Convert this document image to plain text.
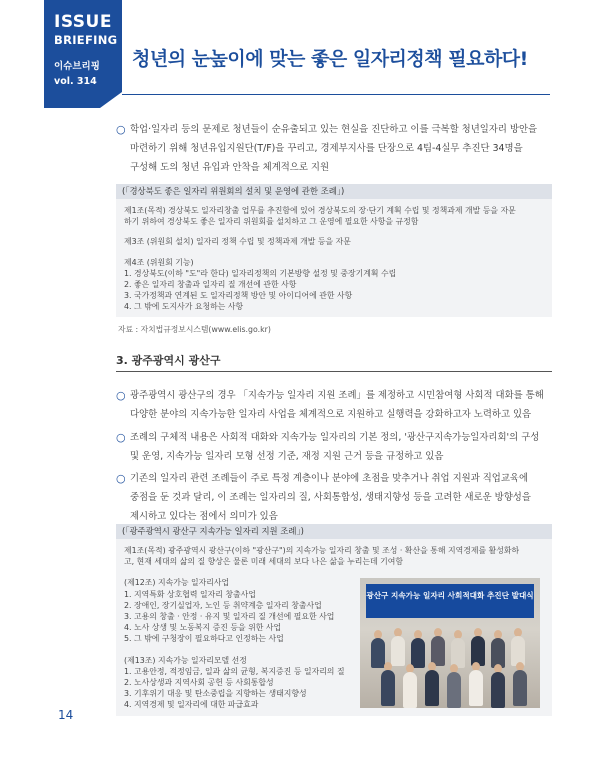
ISSUE
BRIEFING
이슈브리핑
vol. 314
청년의 눈높이에 맞는 좋은 일자리정책 필요하다!
○ 학업·일자리 등의 문제로 청년들이 순유출되고 있는 현실을 진단하고 이를 극복할 청년일자리 방안을
마련하기 위해 청년유입지원단(T/F)을 꾸리고, 경제부지사를 단장으로 4팀-4실무 추진단 34명을
구성해 도의 청년 유입과 안착을 체계적으로 지원
(「경상북도 좋은 일자리 위원회의 설치 및 운영에 관한 조례」)
제1조(목적) 경상북도 일자리창출 업무를 추진함에 있어 경상북도의 장·단기 계획 수립 및 정책과제 개발 등을 자문
하기 위하여 경상북도 좋은 일자리 위원회를 설치하고 그 운영에 필요한 사항을 규정함
제3조 (위원회 설치) 일자리 정책 수립 및 정책과제 개발 등을 자문
제4조 (위원회 기능)
1. 경상북도(이하 "도"라 한다) 일자리정책의 기본방향 설정 및 중장기계획 수립
2. 좋은 일자리 창출과 일자리 질 개선에 관한 사항
3. 국가정책과 연계된 도 일자리정책 방안 및 아이디어에 관한 사항
4. 그 밖에 도지사가 요청하는 사항
자료 : 자치법규정보시스템(www.elis.go.kr)
3. 광주광역시 광산구
○ 광주광역시 광산구의 경우 「지속가능 일자리 지원 조례」를 제정하고 시민참여형 사회적 대화를 통해
다양한 분야의 지속가능한 일자리 사업을 체계적으로 지원하고 실행력을 강화하고자 노력하고 있음
○ 조례의 구체적 내용은 사회적 대화와 지속가능 일자리의 기본 정의, '광산구지속가능일자리회'의 구성
및 운영, 지속가능 일자리 모형 선정 기준, 재정 지원 근거 등을 규정하고 있음
○ 기존의 일자리 관련 조례들이 주로 특정 계층이나 분야에 초점을 맞추거나 취업 지원과 직업교육에
중점을 둔 것과 달리, 이 조례는 일자리의 질, 사회통합성, 생태지향성 등을 고려한 새로운 방향성을
제시하고 있다는 점에서 의미가 있음
(「광주광역시 광산구 지속가능 일자리 지원 조례」)
제1조(목적) 광주광역시 광산구(이하 "광산구")의 지속가능 일자리 창출 및 조성 · 확산을 통해 지역경제를 활성화하
고, 현재 세대의 삶의 질 향상은 물론 미래 세대의 보다 나은 삶을 누리는데 기여함
(제12조) 지속가능 일자리사업
1. 지역특화 상호협력 일자리 창출사업
2. 장애인, 장기실업자, 노인 등 취약계층 일자리 창출사업
3. 고용의 창출 · 안정 · 유지 및 일자리 질 개선에 필요한 사업
4. 노사 상생 및 노동복지 증진 등을 위한 사업
5. 그 밖에 구청장이 필요하다고 인정하는 사업
(제13조) 지속가능 일자리모델 선정
1. 고용안정, 적정임금, 일과 삶의 균형, 복지증진 등 일자리의 질
2. 노사상생과 지역사회 공헌 등 사회통합성
3. 기후위기 대응 및 탄소중립을 지향하는 생태지향성
4. 지역경제 및 일자리에 대한 파급효과
광산구 지속가능 일자리 사회적대화 추진단 발대식
14
